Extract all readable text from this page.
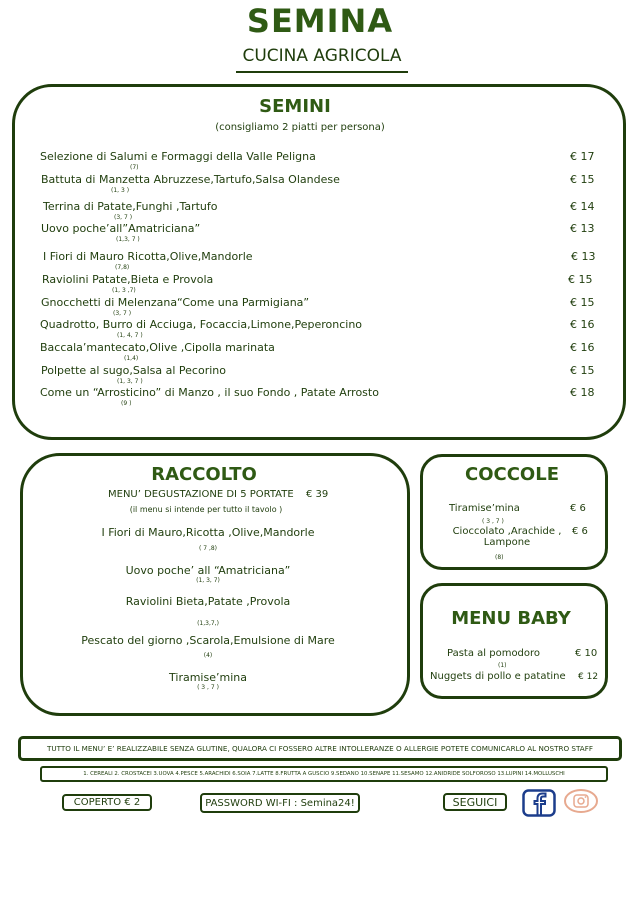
SEMINA
CUCINA AGRICOLA
SEMINI
(consigliamo 2 piatti per persona)
Selezione di Salumi e Formaggi della Valle Peligna	€ 17
(7)
Battuta di Manzetta Abruzzese,Tartufo,Salsa Olandese	€ 15
(1, 3 )
Terrina di Patate,Funghi ,Tartufo	€ 14
(3, 7 )
Uovo poche’all”Amatriciana”	€ 13
(1,3, 7 )
I Fiori di Mauro Ricotta,Olive,Mandorle	€ 13
(7,8)
Raviolini Patate,Bieta e Provola	€ 15
(1, 3 ,7)
Gnocchetti di Melenzana“Come una Parmigiana”	€ 15
(3, 7 )
Quadrotto, Burro di Acciuga, Focaccia,Limone,Peperoncino	€ 16
(1, 4, 7 )
Baccala’mantecato,Olive ,Cipolla marinata	€ 16
(1,4)
Polpette al sugo,Salsa al Pecorino	€ 15
(1, 3, 7 )
Come un “Arrosticino” di Manzo , il suo Fondo , Patate Arrosto	€ 18
(9 )
RACCOLTO
MENU’ DEGUSTAZIONE DI 5 PORTATE € 39
(il menu si intende per tutto il tavolo )
I Fiori di Mauro,Ricotta ,Olive,Mandorle
( 7 ,8)
Uovo poche’ all “Amatriciana”
(1, 3, 7)
Raviolini Bieta,Patate ,Provola
(1,3,7,)
Pescato del giorno ,Scarola,Emulsione di Mare
(4)
Tiramise’mina
( 3 , 7 )
COCCOLE
Tiramise’mina	€ 6
( 3 , 7 )
Cioccolato ,Arachide , Lampone
€ 6
(8)
MENU BABY
Pasta al pomodoro	€ 10
(1)
Nuggets di pollo e patatine € 12
TUTTO IL MENU’ E’ REALIZZABILE SENZA GLUTINE, QUALORA CI FOSSERO ALTRE INTOLLERANZE O ALLERGIE POTETE COMUNICARLO AL NOSTRO STAFF
1. CEREALI 2. CROSTACEI 3.UOVA 4.PESCE 5.ARACHIDI 6.SOIA 7.LATTE 8.FRUTTA A GUSCIO 9.SEDANO 10.SENAPE 11.SESAMO 12.ANIDRIDE SOLFOROSO 13.LUPINI 14.MOLLUSCHI
COPERTO € 2	PASSWORD WI-FI : Semina24!	SEGUICI
